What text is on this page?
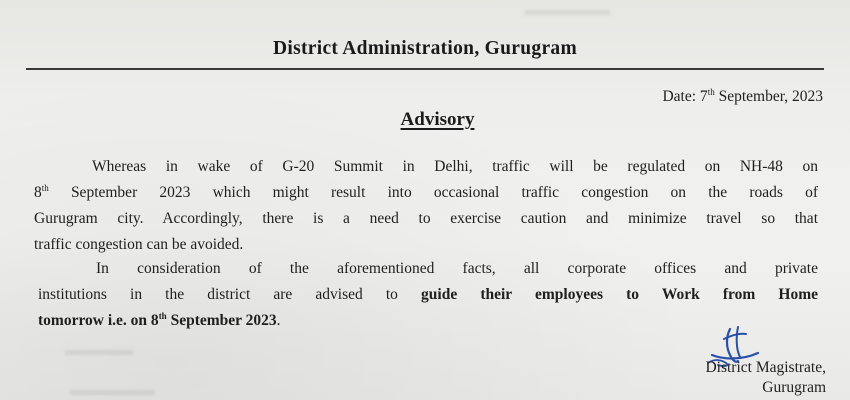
▬▬▬▬▬
▬▬▬▬
▬▬▬▬▬
District Administration, Gurugram
Date: 7th September, 2023
Advisory
Whereas in wake of G-20 Summit in Delhi, traffic will be regulated on NH-48 on
8th September 2023 which might result into occasional traffic congestion on the roads of
Gurugram city. Accordingly, there is a need to exercise caution and minimize travel so that
traffic congestion can be avoided.
In consideration of the aforementioned facts, all corporate offices and private
institutions in the district are advised to guide their employees to Work from Home
tomorrow i.e. on 8th September 2023.
District Magistrate,
Gurugram
